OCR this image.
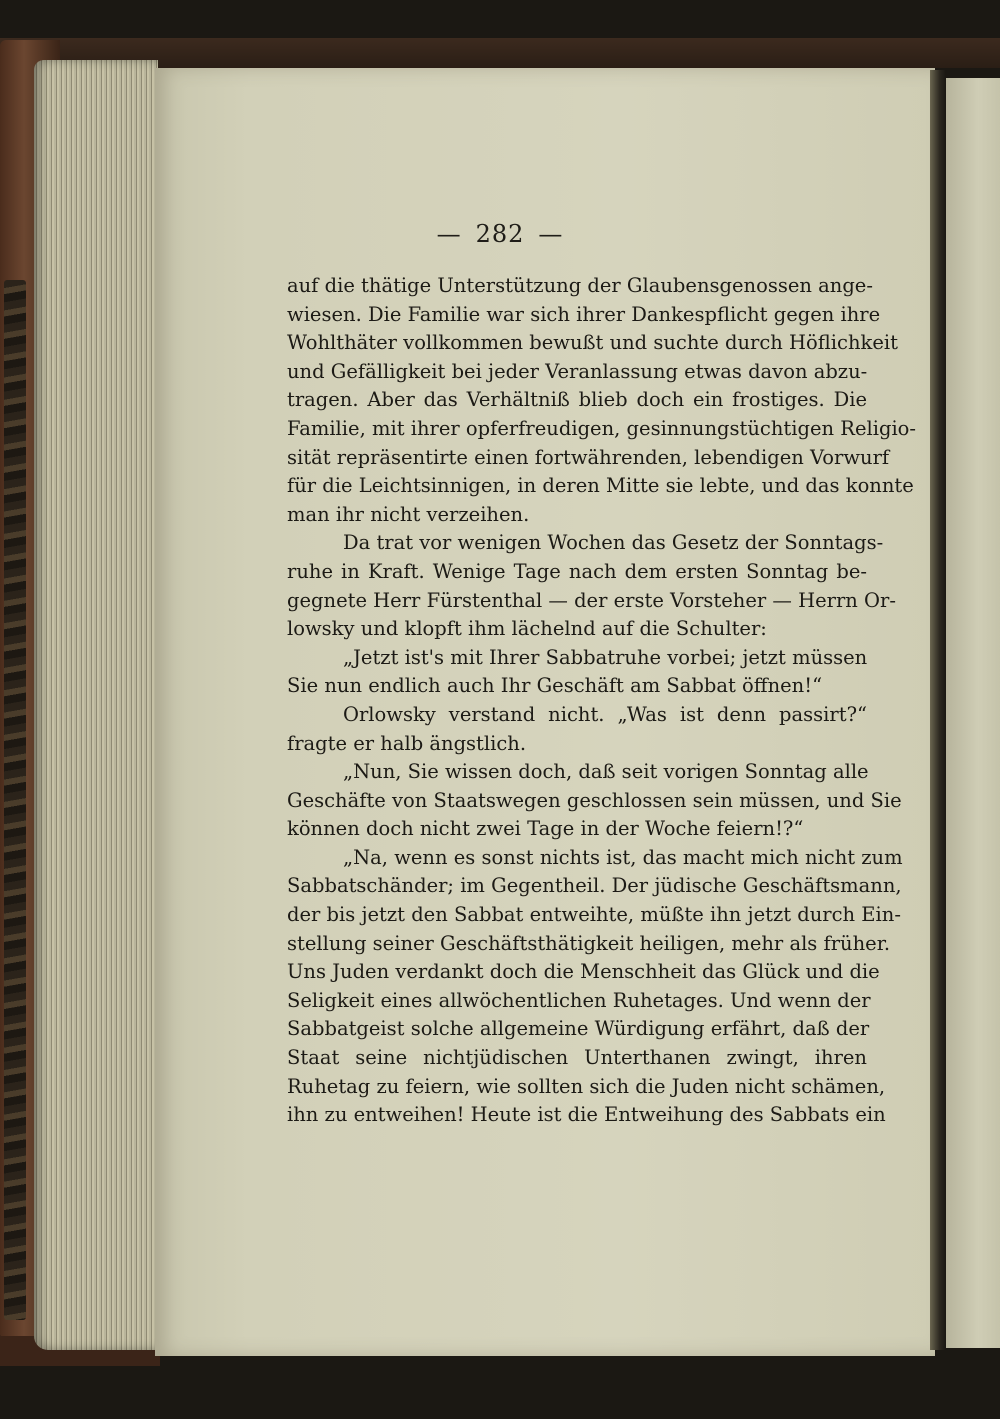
— 282 —
auf die thätige Unterstützung der Glaubensgenossen ange-
wiesen. Die Familie war sich ihrer Dankespflicht gegen ihre
Wohlthäter vollkommen bewußt und suchte durch Höflichkeit
und Gefälligkeit bei jeder Veranlassung etwas davon abzu-
tragen. Aber das Verhältniß blieb doch ein frostiges. Die
Familie, mit ihrer opferfreudigen, gesinnungstüchtigen Religio-
sität repräsentirte einen fortwährenden, lebendigen Vorwurf
für die Leichtsinnigen, in deren Mitte sie lebte, und das konnte
man ihr nicht verzeihen.
Da trat vor wenigen Wochen das Gesetz der Sonntags-
ruhe in Kraft. Wenige Tage nach dem ersten Sonntag be-
gegnete Herr Fürstenthal — der erste Vorsteher — Herrn Or-
lowsky und klopft ihm lächelnd auf die Schulter:
„Jetzt ist's mit Ihrer Sabbatruhe vorbei; jetzt müssen
Sie nun endlich auch Ihr Geschäft am Sabbat öffnen!“
Orlowsky verstand nicht. „Was ist denn passirt?“
fragte er halb ängstlich.
„Nun, Sie wissen doch, daß seit vorigen Sonntag alle
Geschäfte von Staatswegen geschlossen sein müssen, und Sie
können doch nicht zwei Tage in der Woche feiern!?“
„Na, wenn es sonst nichts ist, das macht mich nicht zum
Sabbatschänder; im Gegentheil. Der jüdische Geschäftsmann,
der bis jetzt den Sabbat entweihte, müßte ihn jetzt durch Ein-
stellung seiner Geschäftsthätigkeit heiligen, mehr als früher.
Uns Juden verdankt doch die Menschheit das Glück und die
Seligkeit eines allwöchentlichen Ruhetages. Und wenn der
Sabbatgeist solche allgemeine Würdigung erfährt, daß der
Staat seine nichtjüdischen Unterthanen zwingt, ihren
Ruhetag zu feiern, wie sollten sich die Juden nicht schämen,
ihn zu entweihen! Heute ist die Entweihung des Sabbats ein
